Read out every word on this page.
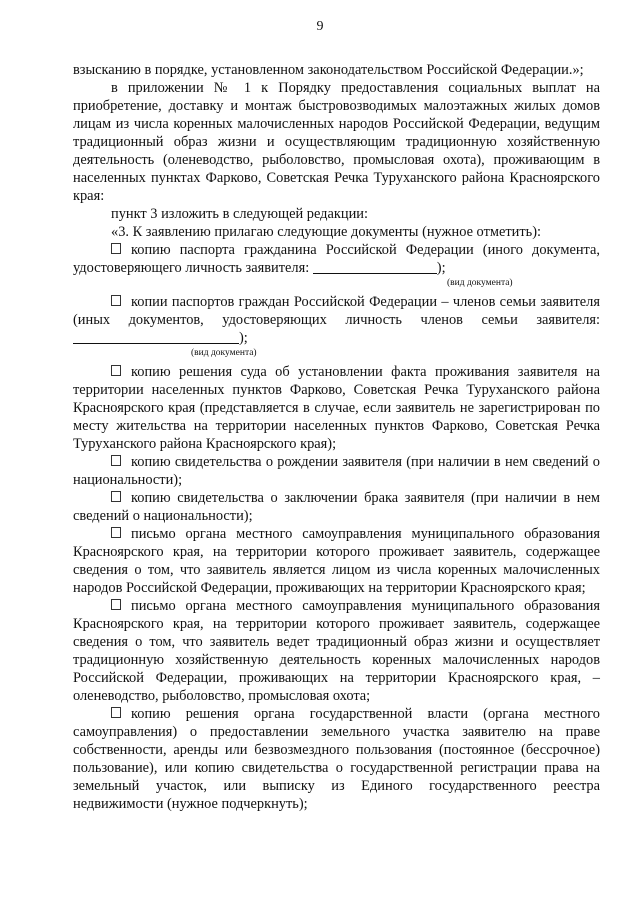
9
взысканию в порядке, установленном законодательством Российской Федерации.»;
в приложении № 1 к Порядку предоставления социальных выплат на приобретение, доставку и монтаж быстровозводимых малоэтажных жилых домов лицам из числа коренных малочисленных народов Российской Федерации, ведущим традиционный образ жизни и осуществляющим традиционную хозяйственную деятельность (оленеводство, рыболовство, промысловая охота), проживающим в населенных пунктах Фарково, Советская Речка Туруханского района Красноярского края:
пункт 3 изложить в следующей редакции:
«3. К заявлению прилагаю следующие документы (нужное отметить):
копию паспорта гражданина Российской Федерации (иного документа, удостоверяющего личность заявителя:	);
(вид документа)
копии паспортов граждан Российской Федерации – членов семьи заявителя (иных документов, удостоверяющих личность членов семьи заявителя: );
(вид документа)
копию решения суда об установлении факта проживания заявителя на территории населенных пунктов Фарково, Советская Речка Туруханского района Красноярского края (представляется в случае, если заявитель не зарегистрирован по месту жительства на территории населенных пунктов Фарково, Советская Речка Туруханского района Красноярского края);
копию свидетельства о рождении заявителя (при наличии в нем сведений о национальности);
копию свидетельства о заключении брака заявителя (при наличии в нем сведений о национальности);
письмо органа местного самоуправления муниципального образования Красноярского края, на территории которого проживает заявитель, содержащее сведения о том, что заявитель является лицом из числа коренных малочисленных народов Российской Федерации, проживающих на территории Красноярского края;
письмо органа местного самоуправления муниципального образования Красноярского края, на территории которого проживает заявитель, содержащее сведения о том, что заявитель ведет традиционный образ жизни и осуществляет традиционную хозяйственную деятельность коренных малочисленных народов Российской Федерации, проживающих на территории Красноярского края, – оленеводство, рыболовство, промысловая охота;
копию решения органа государственной власти (органа местного самоуправления) о предоставлении земельного участка заявителю на праве собственности, аренды или безвозмездного пользования (постоянное (бессрочное) пользование), или копию свидетельства о государственной регистрации права на земельный участок, или выписку из Единого государственного реестра недвижимости (нужное подчеркнуть);
